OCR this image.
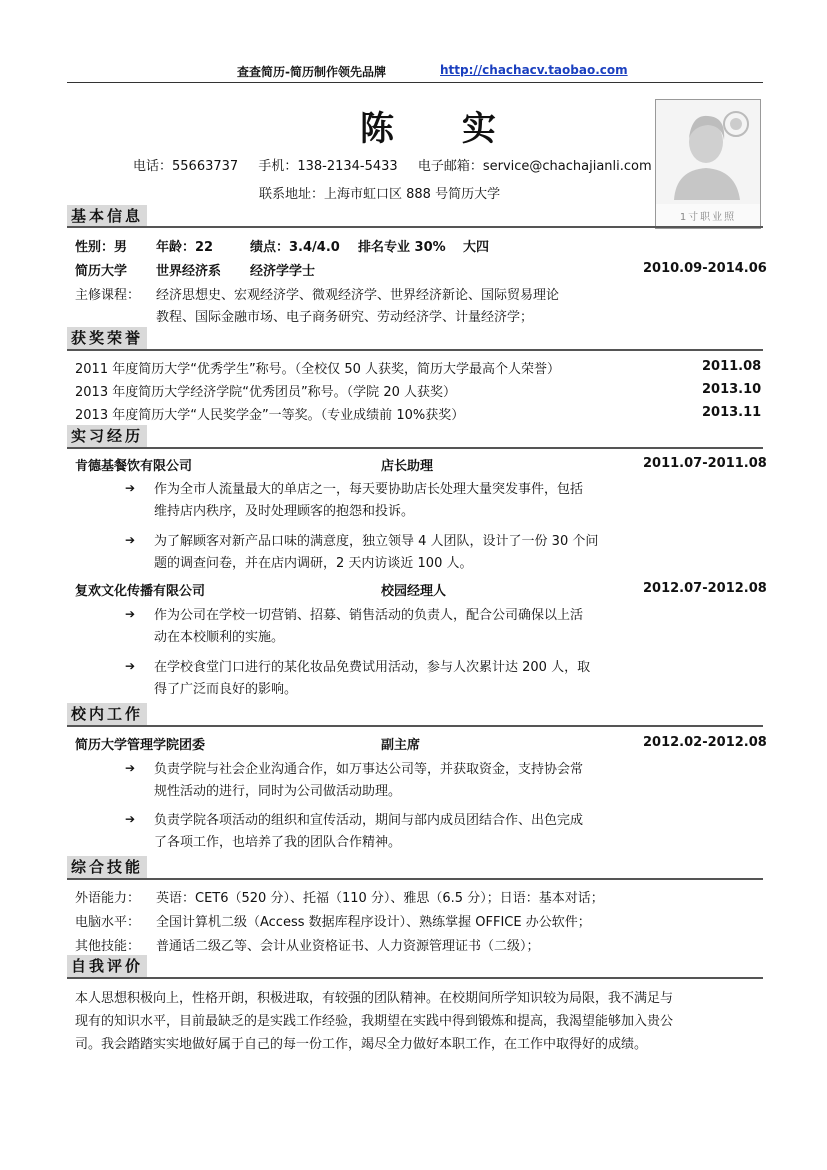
查查简历-简历制作领先品牌	http://chachacv.taobao.com
陈 实
电话：55663737 手机：138-2134-5433 电子邮箱：service@chachajianli.com
联系地址：上海市虹口区 888 号简历大学
1寸职业照
基本信息
性别：男 年龄：22	绩点：3.4/4.0 排名专业 30% 大四
简历大学 世界经济系 经济学学士	2010.09-2014.06
主修课程： 经济思想史、宏观经济学、微观经济学、世界经济新论、国际贸易理论
教程、国际金融市场、电子商务研究、劳动经济学、计量经济学；
获奖荣誉
2011 年度简历大学“优秀学生”称号。（全校仅 50 人获奖，简历大学最高个人荣誉）	2011.08
2013 年度简历大学经济学院“优秀团员”称号。（学院 20 人获奖）	2013.10
2013 年度简历大学“人民奖学金”一等奖。（专业成绩前 10%获奖）	2013.11
实习经历
肯德基餐饮有限公司	店长助理	2011.07-2011.08
➔ 作为全市人流量最大的单店之一，每天要协助店长处理大量突发事件，包括
维持店内秩序，及时处理顾客的抱怨和投诉。
➔ 为了解顾客对新产品口味的满意度，独立领导 4 人团队，设计了一份 30 个问
题的调查问卷，并在店内调研，2 天内访谈近 100 人。
复欢文化传播有限公司	校园经理人	2012.07-2012.08
➔ 作为公司在学校一切营销、招募、销售活动的负责人，配合公司确保以上活
动在本校顺利的实施。
➔ 在学校食堂门口进行的某化妆品免费试用活动，参与人次累计达 200 人，取
得了广泛而良好的影响。
校内工作
简历大学管理学院团委	副主席	2012.02-2012.08
➔ 负责学院与社会企业沟通合作，如万事达公司等，并获取资金，支持协会常
规性活动的进行，同时为公司做活动助理。
➔ 负责学院各项活动的组织和宣传活动，期间与部内成员团结合作、出色完成
了各项工作，也培养了我的团队合作精神。
综合技能
外语能力： 英语：CET6（520 分）、托福（110 分）、雅思（6.5 分）；日语：基本对话；
电脑水平： 全国计算机二级（Access 数据库程序设计）、熟练掌握 OFFICE 办公软件；
其他技能： 普通话二级乙等、会计从业资格证书、人力资源管理证书（二级）；
自我评价
本人思想积极向上，性格开朗，积极进取，有较强的团队精神。在校期间所学知识较为局限，我不满足与
现有的知识水平，目前最缺乏的是实践工作经验，我期望在实践中得到锻炼和提高，我渴望能够加入贵公
司。我会踏踏实实地做好属于自己的每一份工作，竭尽全力做好本职工作，在工作中取得好的成绩。
